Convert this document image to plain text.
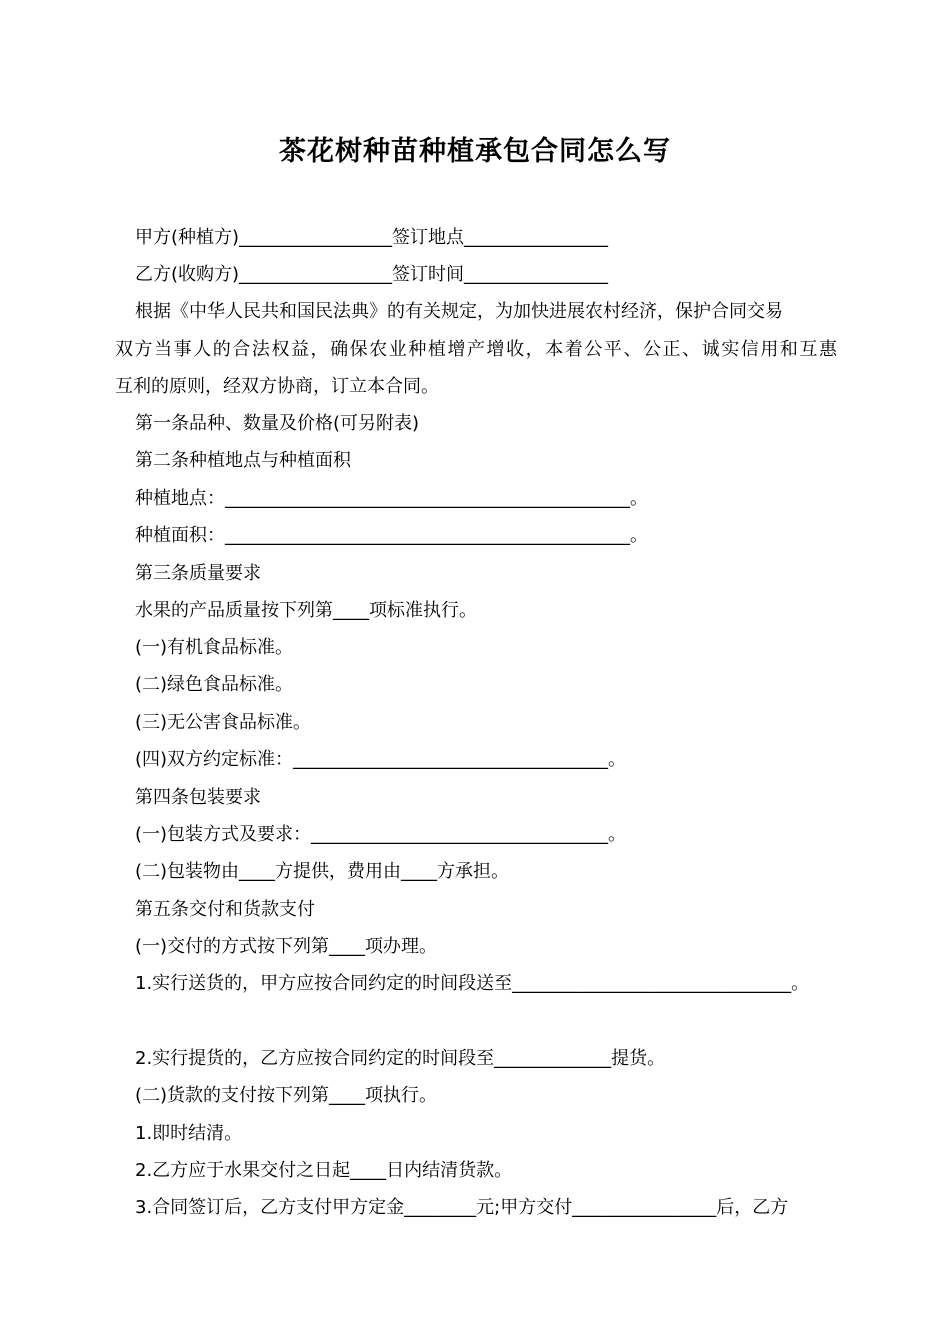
茶花树种苗种植承包合同怎么写
甲方(种植方)_________________签订地点________________
乙方(收购方)_________________签订时间________________
根据《中华人民共和国民法典》的有关规定，为加快进展农村经济，保护合同交易
双方当事人的合法权益，确保农业种植增产增收，本着公平、公正、诚实信用和互惠
互利的原则，经双方协商，订立本合同。
第一条品种、数量及价格(可另附表)
第二条种植地点与种植面积
种植地点：_____________________________________________。
种植面积：_____________________________________________。
第三条质量要求
水果的产品质量按下列第____项标准执行。
(一)有机食品标准。
(二)绿色食品标准。
(三)无公害食品标准。
(四)双方约定标准：___________________________________。
第四条包装要求
(一)包装方式及要求：_________________________________。
(二)包装物由____方提供，费用由____方承担。
第五条交付和货款支付
(一)交付的方式按下列第____项办理。
1.实行送货的，甲方应按合同约定的时间段送至_______________________________。
2.实行提货的，乙方应按合同约定的时间段至_____________提货。
(二)货款的支付按下列第____项执行。
1.即时结清。
2.乙方应于水果交付之日起____日内结清货款。
3.合同签订后，乙方支付甲方定金________元;甲方交付________________后，乙方
